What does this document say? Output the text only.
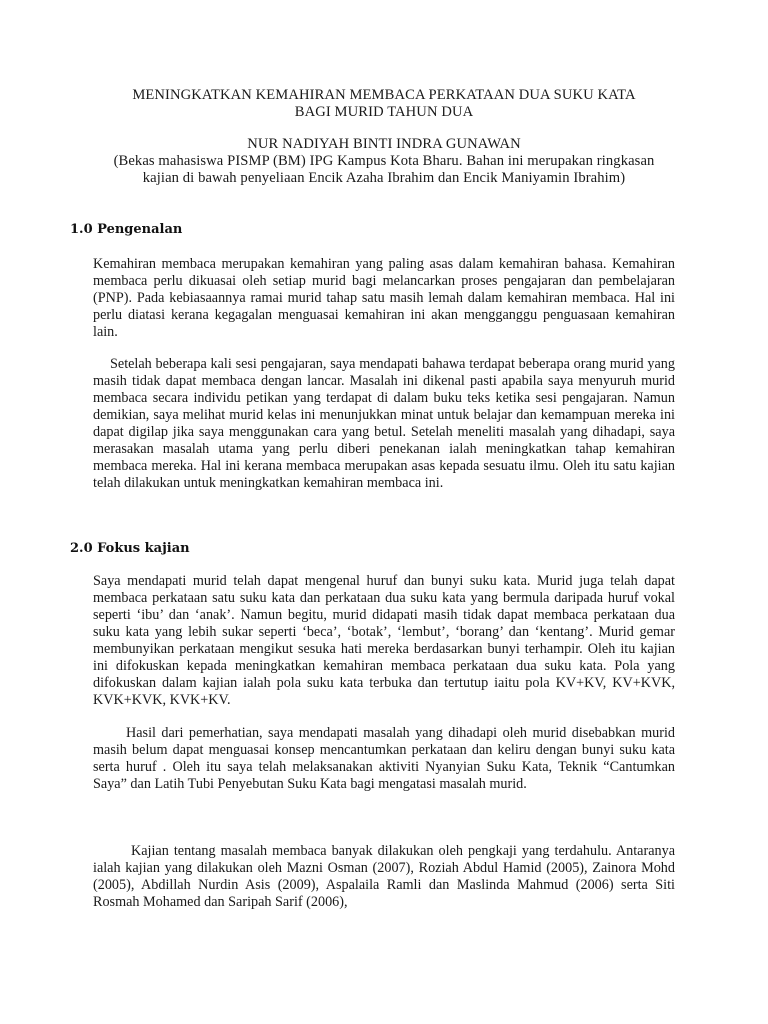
MENINGKATKAN KEMAHIRAN MEMBACA PERKATAAN DUA SUKU KATA
BAGI MURID TAHUN DUA
NUR NADIYAH BINTI INDRA GUNAWAN
(Bekas mahasiswa PISMP (BM) IPG Kampus Kota Bharu. Bahan ini merupakan ringkasan
kajian di bawah penyeliaan Encik Azaha Ibrahim dan Encik Maniyamin Ibrahim)
1.0 Pengenalan

Kemahiran membaca merupakan kemahiran yang paling asas dalam kemahiran bahasa. Kemahiran membaca perlu dikuasai oleh setiap murid bagi melancarkan proses pengajaran dan pembelajaran (PNP). Pada kebiasaannya ramai murid tahap satu masih lemah dalam kemahiran membaca. Hal ini perlu diatasi kerana kegagalan menguasai kemahiran ini akan mengganggu penguasaan kemahiran lain.

Setelah beberapa kali sesi pengajaran, saya mendapati bahawa terdapat beberapa orang murid yang masih tidak dapat membaca dengan lancar. Masalah ini dikenal pasti apabila saya menyuruh murid membaca secara individu petikan yang terdapat di dalam buku teks ketika sesi pengajaran. Namun demikian, saya melihat murid kelas ini menunjukkan minat untuk belajar dan kemampuan mereka ini dapat digilap jika saya menggunakan cara yang betul. Setelah meneliti masalah yang dihadapi, saya merasakan masalah utama yang perlu diberi penekanan ialah meningkatkan tahap kemahiran membaca mereka. Hal ini kerana membaca merupakan asas kepada sesuatu ilmu. Oleh itu satu kajian telah dilakukan untuk meningkatkan kemahiran membaca ini.

2.0 Fokus kajian

Saya mendapati murid telah dapat mengenal huruf dan bunyi suku kata. Murid juga telah dapat membaca perkataan satu suku kata dan perkataan dua suku kata yang bermula daripada huruf vokal seperti ‘ibu’ dan ‘anak’. Namun begitu, murid didapati masih tidak dapat membaca perkataan dua suku kata yang lebih sukar seperti ‘beca’, ‘botak’, ‘lembut’, ‘borang’ dan ‘kentang’. Murid gemar membunyikan perkataan mengikut sesuka hati mereka berdasarkan bunyi terhampir. Oleh itu kajian ini difokuskan kepada meningkatkan kemahiran membaca perkataan dua suku kata. Pola yang difokuskan dalam kajian ialah pola suku kata terbuka dan tertutup iaitu pola KV+KV, KV+KVK, KVK+KVK, KVK+KV.

Hasil dari pemerhatian, saya mendapati masalah yang dihadapi oleh murid disebabkan murid masih belum dapat menguasai konsep mencantumkan perkataan dan keliru dengan bunyi suku kata serta huruf . Oleh itu saya telah melaksanakan aktiviti Nyanyian Suku Kata, Teknik “Cantumkan Saya” dan Latih Tubi Penyebutan Suku Kata bagi mengatasi masalah murid.

Kajian tentang masalah membaca banyak dilakukan oleh pengkaji yang terdahulu. Antaranya ialah kajian yang dilakukan oleh Mazni Osman (2007), Roziah Abdul Hamid (2005), Zainora Mohd (2005), Abdillah Nurdin Asis (2009), Aspalaila Ramli dan Maslinda Mahmud (2006) serta Siti Rosmah Mohamed dan Saripah Sarif (2006),
